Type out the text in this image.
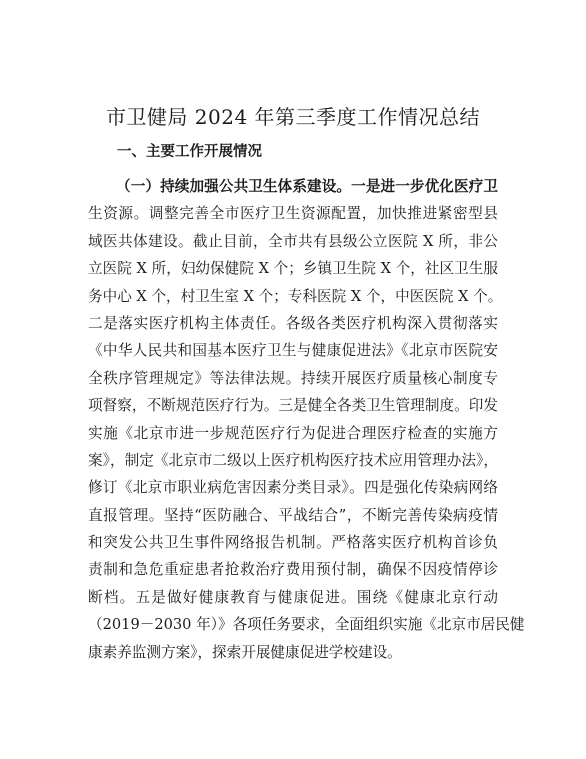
市卫健局 2024 年第三季度工作情况总结
一、主要工作开展情况
（一）持续加强公共卫生体系建设。一是进一步优化医疗卫
生资源。调整完善全市医疗卫生资源配置，加快推进紧密型县
域医共体建设。截止目前，全市共有县级公立医院 X 所，非公
立医院 X 所，妇幼保健院 X 个；乡镇卫生院 X 个，社区卫生服
务中心 X 个，村卫生室 X 个；专科医院 X 个，中医医院 X 个。
二是落实医疗机构主体责任。各级各类医疗机构深入贯彻落实
《中华人民共和国基本医疗卫生与健康促进法》《北京市医院安
全秩序管理规定》等法律法规。持续开展医疗质量核心制度专
项督察，不断规范医疗行为。三是健全各类卫生管理制度。印发
实施《北京市进一步规范医疗行为促进合理医疗检查的实施方
案》，制定《北京市二级以上医疗机构医疗技术应用管理办法》，
修订《北京市职业病危害因素分类目录》。四是强化传染病网络
直报管理。坚持“医防融合、平战结合”，不断完善传染病疫情
和突发公共卫生事件网络报告机制。严格落实医疗机构首诊负
责制和急危重症患者抢救治疗费用预付制，确保不因疫情停诊
断档。五是做好健康教育与健康促进。围绕《健康北京行动
（2019－2030 年）》各项任务要求，全面组织实施《北京市居民健
康素养监测方案》，探索开展健康促进学校建设。
